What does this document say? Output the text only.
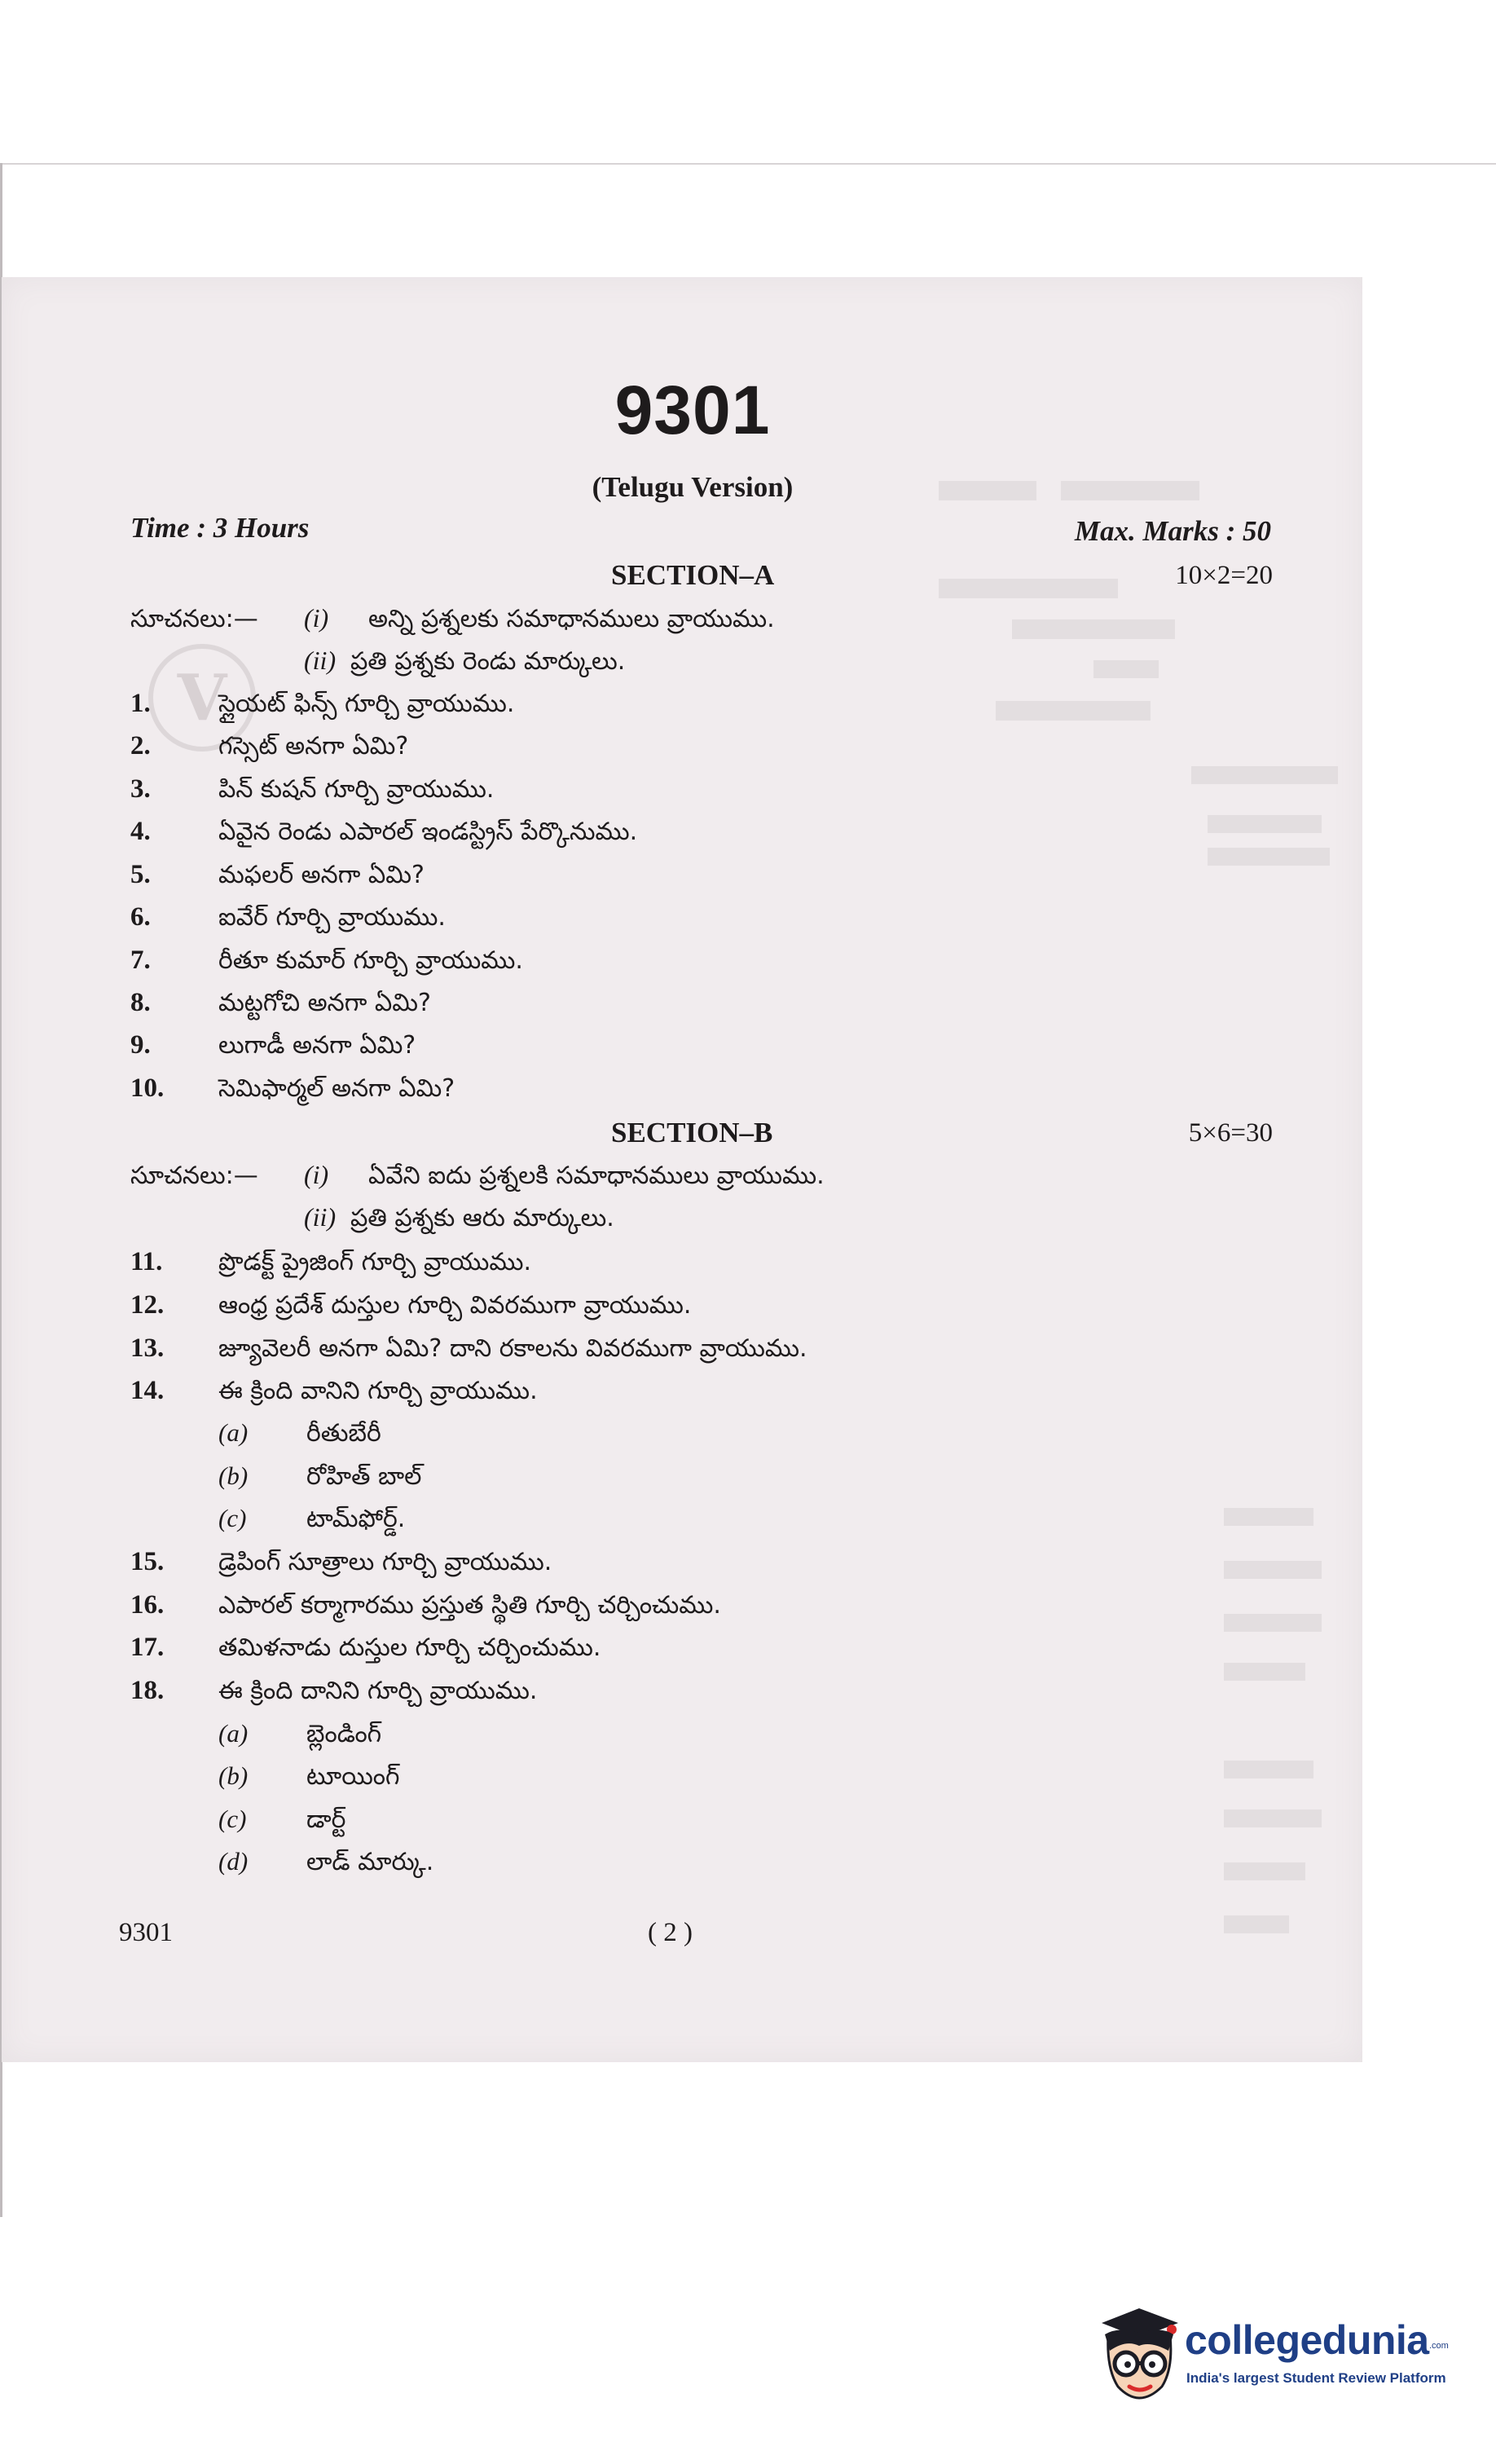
V
9301
(Telugu Version)
Time : 3 Hours	Max. Marks : 50
SECTION–A	10×2=20
సూచనలు:— (i) అన్ని ప్రశ్నలకు సమాధానములు వ్రాయుము.
(ii) ప్రతి ప్రశ్నకు రెండు మార్కులు.
1.	స్లైయట్ ఫిన్స్ గూర్చి వ్రాయుము.
2.	గస్సెట్ అనగా ఏమి?
3.	పిన్ కుషన్ గూర్చి వ్రాయుము.
4.	ఏవైన రెండు ఎపారల్ ఇండస్ట్రిస్ పేర్కొనుము.
5.	మఫలర్ అనగా ఏమి?
6.	ఐవేర్ గూర్చి వ్రాయుము.
7.	రీతూ కుమార్ గూర్చి వ్రాయుము.
8.	మట్టగోచి అనగా ఏమి?
9.	లుగాడీ అనగా ఏమి?
10. సెమిఫార్మల్ అనగా ఏమి?
SECTION–B	5×6=30
సూచనలు:— (i) ఏవేని ఐదు ప్రశ్నలకి సమాధానములు వ్రాయుము.
(ii) ప్రతి ప్రశ్నకు ఆరు మార్కులు.
11. ప్రొడక్ట్ ప్రైజింగ్ గూర్చి వ్రాయుము.
12. ఆంధ్ర ప్రదేశ్ దుస్తుల గూర్చి వివరముగా వ్రాయుము.
13. జ్యూవెలరీ అనగా ఏమి? దాని రకాలను వివరముగా వ్రాయుము.
14. ఈ క్రింది వానిని గూర్చి వ్రాయుము.
(a) రీతుబేరీ
(b) రోహిత్ బాల్
(c) టామ్‌ఫోర్డ్.
15. డ్రెపింగ్ సూత్రాలు గూర్చి వ్రాయుము.
16. ఎపారల్ కర్మాగారము ప్రస్తుత స్థితి గూర్చి చర్చించుము.
17. తమిళనాడు దుస్తుల గూర్చి చర్చించుము.
18. ఈ క్రింది దానిని గూర్చి వ్రాయుము.
(a) బ్లెండింగ్
(b) టూయింగ్
(c) డార్ట్
(d) లాడ్ మార్కు.
9301	( 2 )
collegedunia .com
India's largest Student Review Platform
